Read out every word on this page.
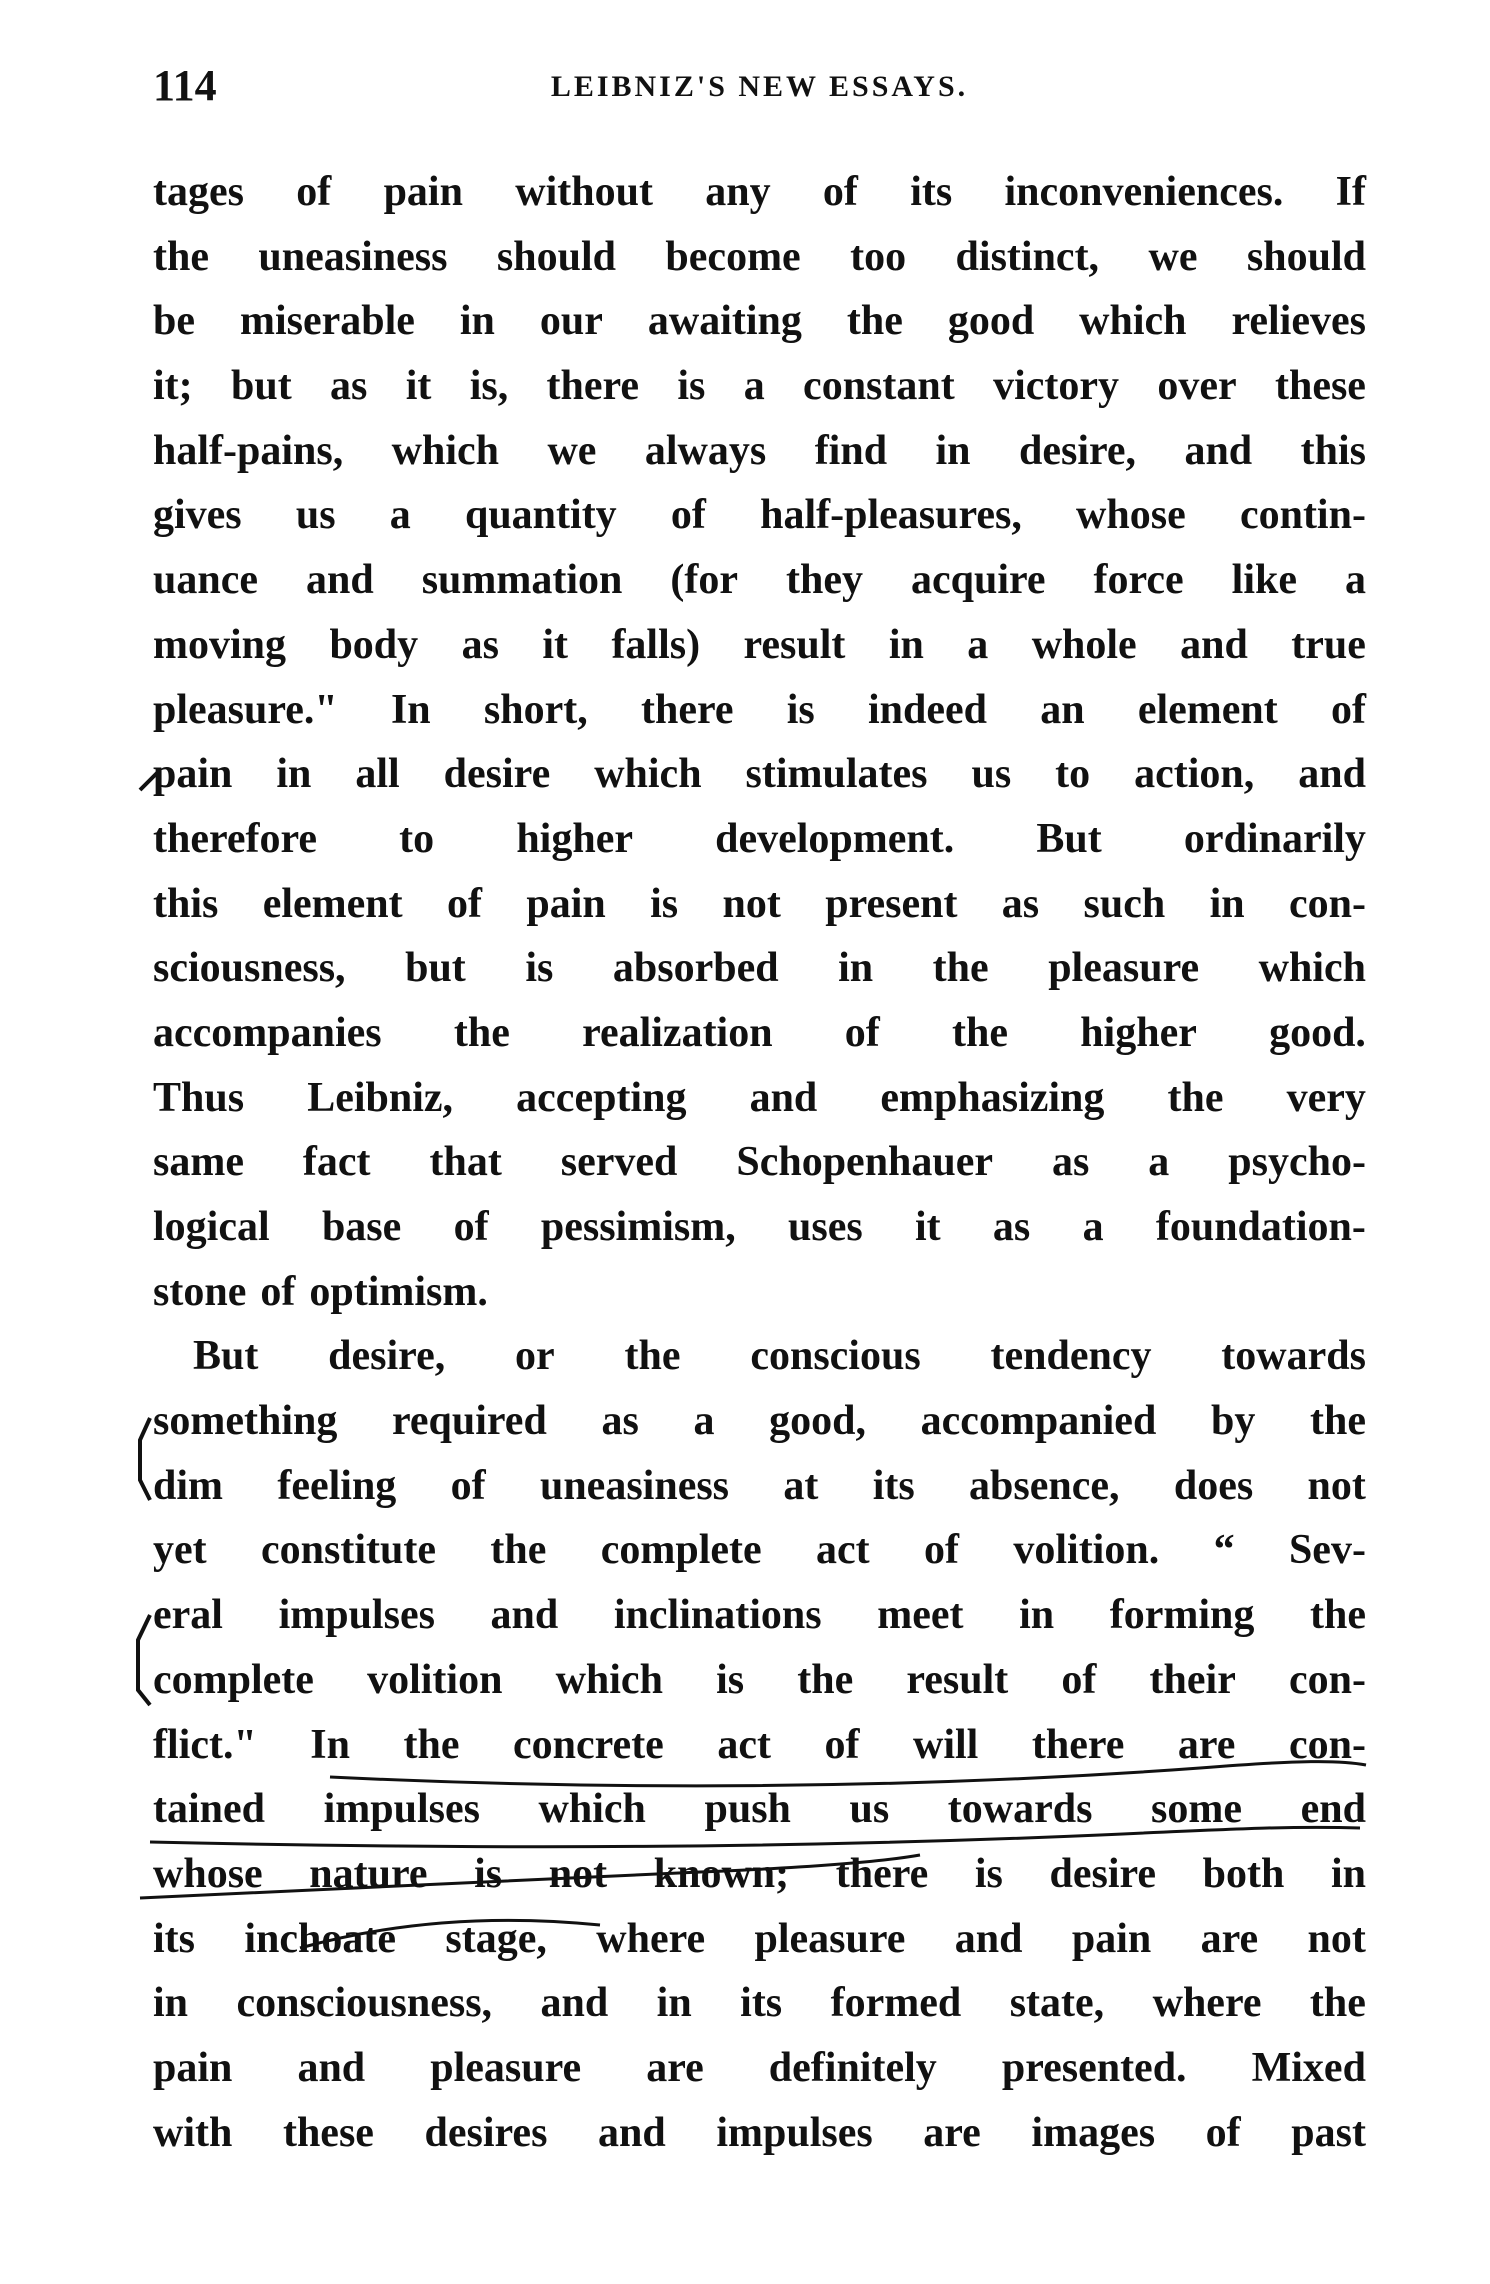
114	LEIBNIZ'S NEW ESSAYS.
tages of pain without any of its inconveniences. If
the uneasiness should become too distinct, we should
be miserable in our awaiting the good which relieves
it; but as it is, there is a constant victory over these
half-pains, which we always find in desire, and this
gives us a quantity of half-pleasures, whose contin-
uance and summation (for they acquire force like a
moving body as it falls) result in a whole and true
pleasure." In short, there is indeed an element of
pain in all desire which stimulates us to action, and
therefore to higher development. But ordinarily
this element of pain is not present as such in con-
sciousness, but is absorbed in the pleasure which
accompanies the realization of the higher good.
Thus Leibniz, accepting and emphasizing the very
same fact that served Schopenhauer as a psycho-
logical base of pessimism, uses it as a foundation-
stone of optimism.
But desire, or the conscious tendency towards
something required as a good, accompanied by the
dim feeling of uneasiness at its absence, does not
yet constitute the complete act of volition. “ Sev-
eral impulses and inclinations meet in forming the
complete volition which is the result of their con-
flict." In the concrete act of will there are con-
tained impulses which push us towards some end
whose nature is not known; there is desire both in
its inchoate stage, where pleasure and pain are not
in consciousness, and in its formed state, where the
pain and pleasure are definitely presented. Mixed
with these desires and impulses are images of past
